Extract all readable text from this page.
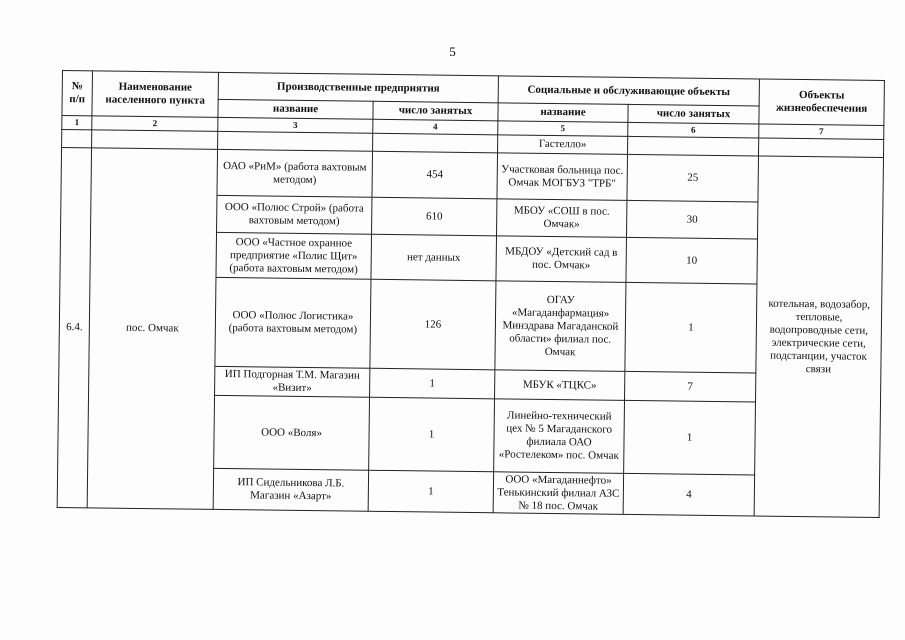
5
№ п/п	Наименование населенного пункта	Производственные предприятия		Социальные и обслуживающие объекты		Объекты жизнеобеспечения
		название	число занятых	название	число занятых	
1	2	3	4	5	6	7
				Гастелло»		
6.4.	пос. Омчак	ОАО «РиМ» (работа вахтовым методом)	454	Участковая больница пос. Омчак МОГБУЗ "ТРБ"	25	котельная, водозабор, тепловые, водопроводные сети, электрические сети, подстанции, участок связи
		ООО «Полюс Строй» (работа вахтовым методом)	610	МБОУ «СОШ в пос. Омчак»	30	
		ООО «Частное охранное предприятие «Полис Щит» (работа вахтовым методом)	нет данных	МБДОУ «Детский сад в пос. Омчак»	10	
		ООО «Полюс Логистика» (работа вахтовым методом)	126	ОГАУ «Магаданфармация» Минздрава Магаданской области» филиал пос. Омчак	1	
		ИП Подгорная Т.М. Магазин «Визит»	1	МБУК «ТЦКС»	7	
		ООО «Воля»	1	Линейно-технический цех № 5 Магаданского филиала ОАО «Ростелеком» пос. Омчак	1	
		ИП Сидельникова Л.Б. Магазин «Азарт»	1	ООО «Магаданнефто» Тенькинский филиал АЗС № 18 пос. Омчак	4	
